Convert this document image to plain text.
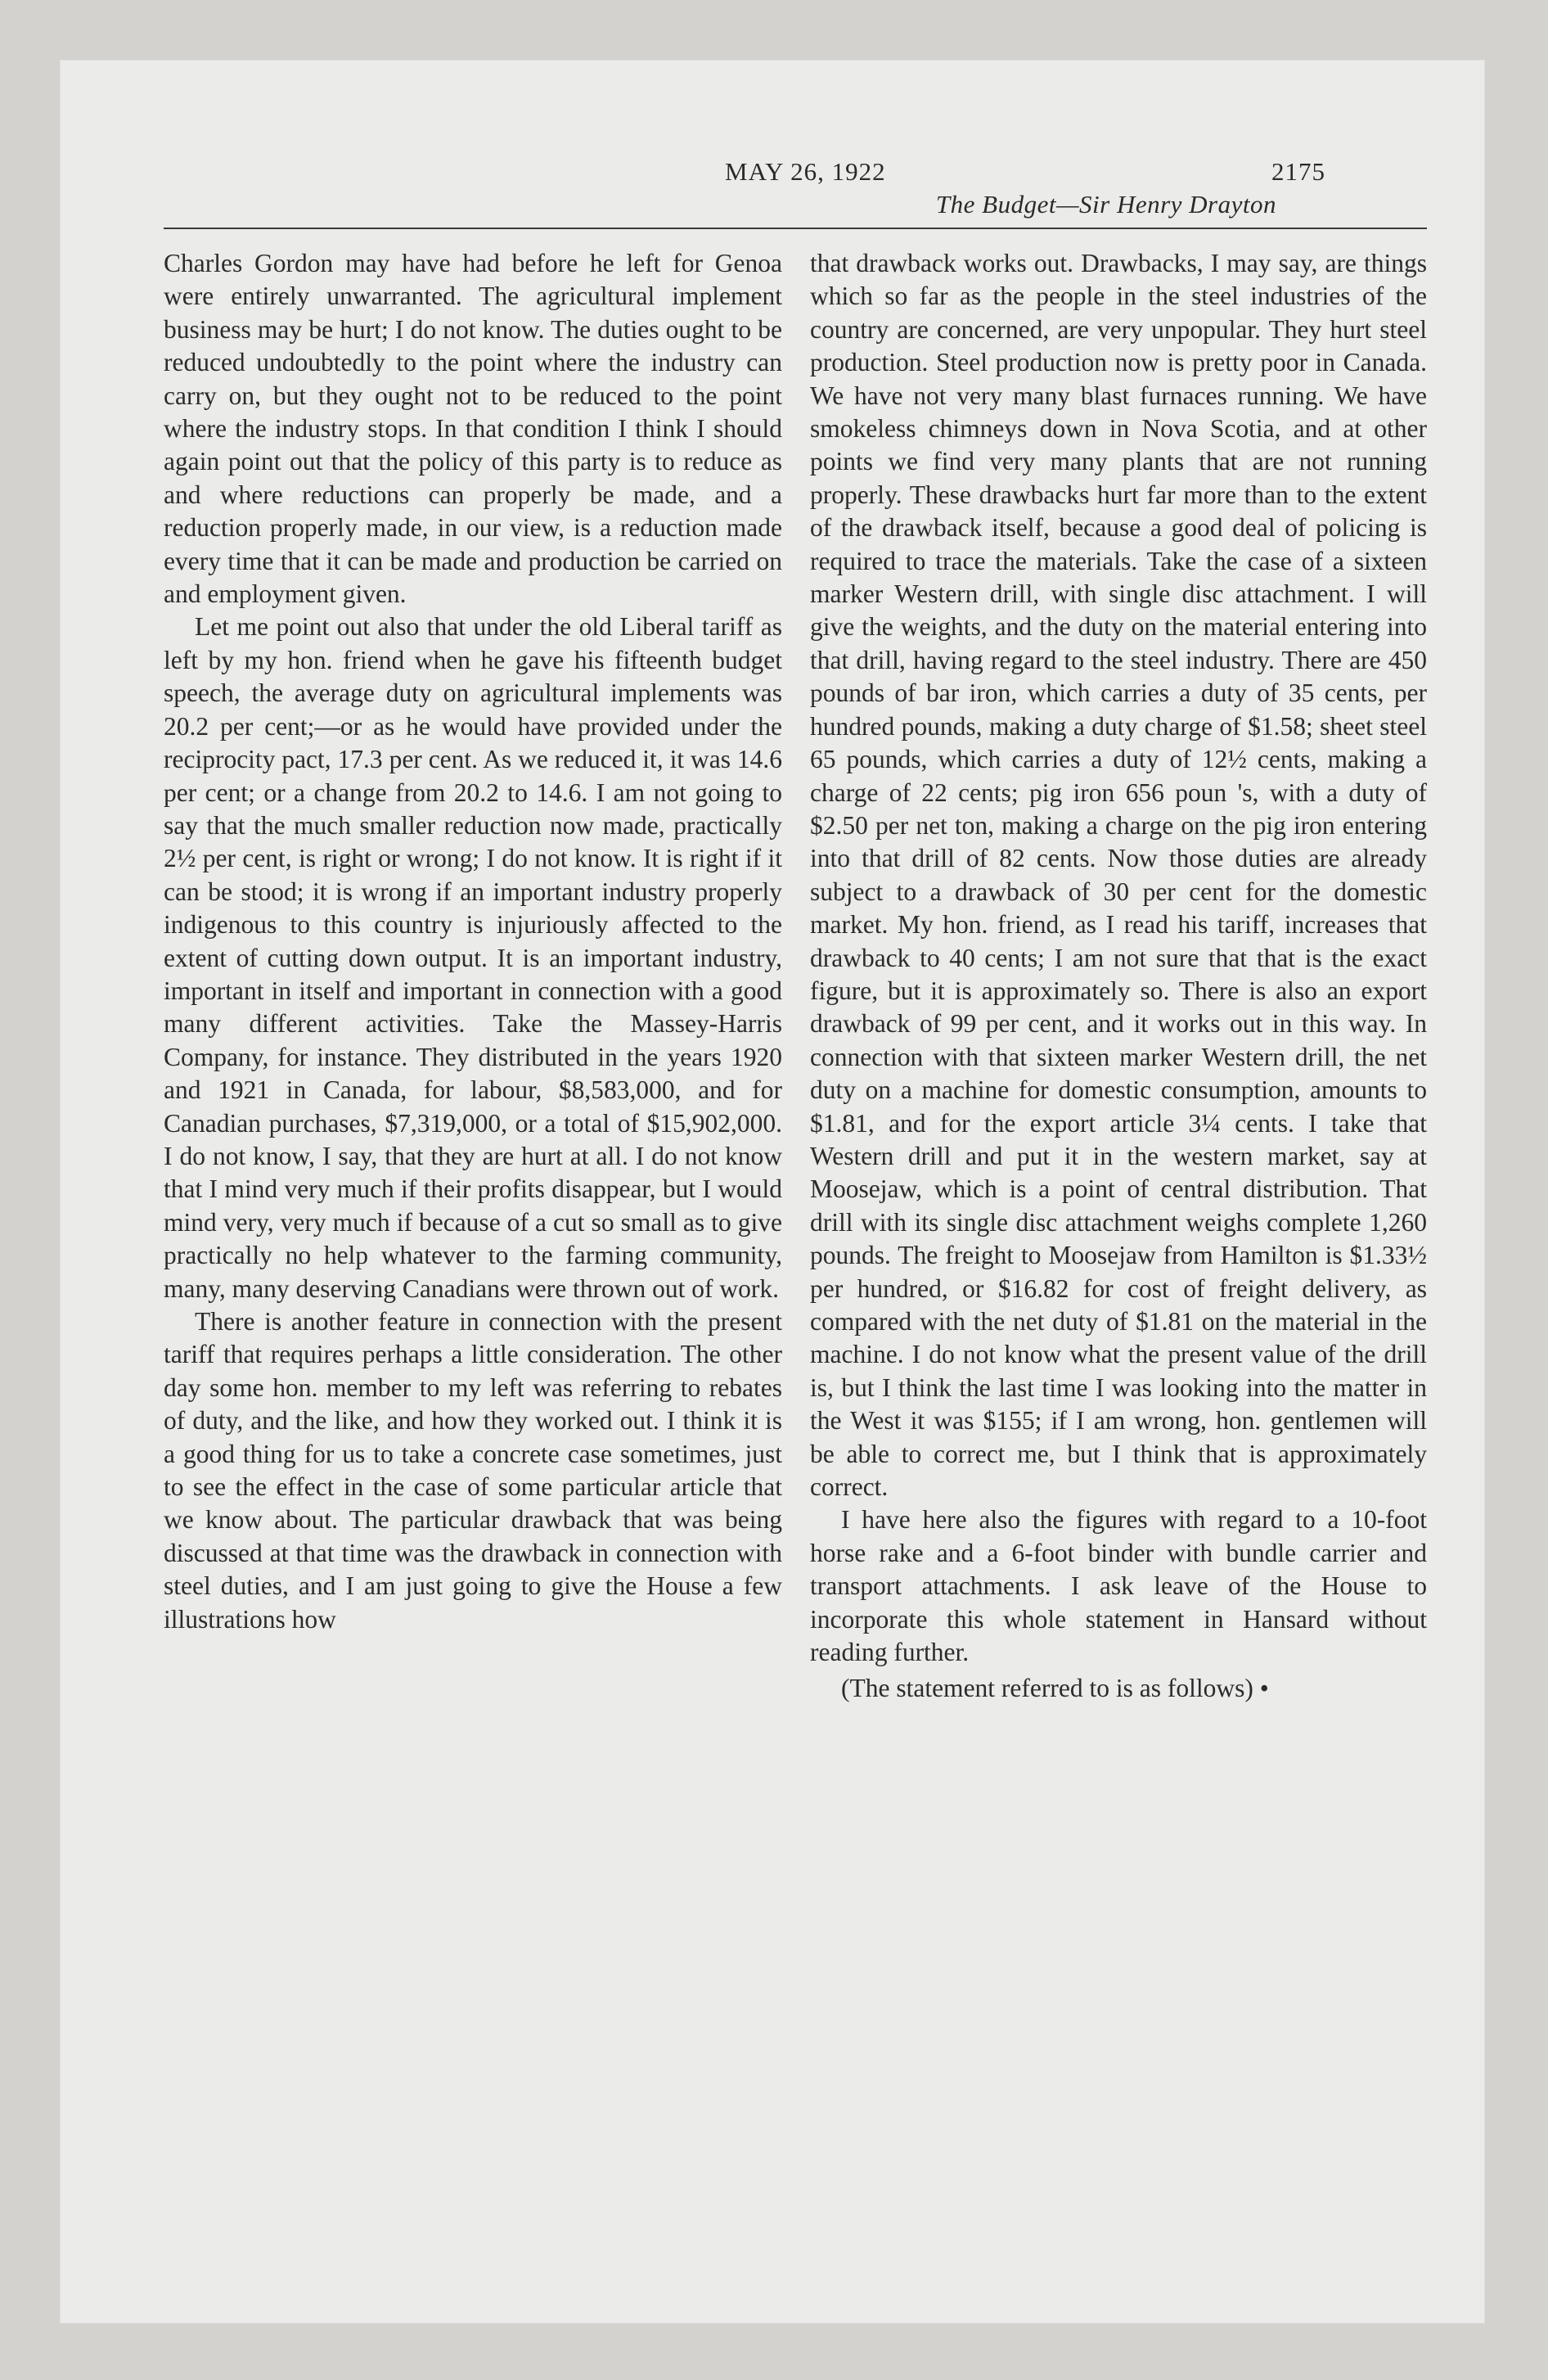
MAY 26, 1922	2175
The Budget—Sir Henry Drayton

Charles Gordon may have had before he left for Genoa were entirely unwarranted. The agricultural implement business may be hurt; I do not know. The duties ought to be reduced undoubtedly to the point where the industry can carry on, but they ought not to be reduced to the point where the industry stops. In that condition I think I should again point out that the policy of this party is to reduce as and where reductions can properly be made, and a reduction properly made, in our view, is a reduction made every time that it can be made and production be carried on and employment given.

Let me point out also that under the old Liberal tariff as left by my hon. friend when he gave his fifteenth budget speech, the average duty on agricultural implements was 20.2 per cent;—or as he would have provided under the reciprocity pact, 17.3 per cent. As we reduced it, it was 14.6 per cent; or a change from 20.2 to 14.6. I am not going to say that the much smaller reduction now made, practically 2½ per cent, is right or wrong; I do not know. It is right if it can be stood; it is wrong if an important industry properly indigenous to this country is injuriously affected to the extent of cutting down output. It is an important industry, important in itself and important in connection with a good many different activities. Take the Massey-Harris Company, for instance. They distributed in the years 1920 and 1921 in Canada, for labour, $8,583,000, and for Canadian purchases, $7,319,000, or a total of $15,902,000. I do not know, I say, that they are hurt at all. I do not know that I mind very much if their profits disappear, but I would mind very, very much if because of a cut so small as to give practically no help whatever to the farming community, many, many deserving Canadians were thrown out of work.

There is another feature in connection with the present tariff that requires perhaps a little consideration. The other day some hon. member to my left was referring to rebates of duty, and the like, and how they worked out. I think it is a good thing for us to take a concrete case sometimes, just to see the effect in the case of some particular article that we know about. The particular drawback that was being discussed at that time was the drawback in connection with steel duties, and I am just going to give the House a few illustrations how

that drawback works out. Drawbacks, I may say, are things which so far as the people in the steel industries of the country are concerned, are very unpopular. They hurt steel production. Steel production now is pretty poor in Canada. We have not very many blast furnaces running. We have smokeless chimneys down in Nova Scotia, and at other points we find very many plants that are not running properly. These drawbacks hurt far more than to the extent of the drawback itself, because a good deal of policing is required to trace the materials. Take the case of a sixteen marker Western drill, with single disc attachment. I will give the weights, and the duty on the material entering into that drill, having regard to the steel industry. There are 450 pounds of bar iron, which carries a duty of 35 cents, per hundred pounds, making a duty charge of $1.58; sheet steel 65 pounds, which carries a duty of 12½ cents, making a charge of 22 cents; pig iron 656 poun 's, with a duty of $2.50 per net ton, making a charge on the pig iron entering into that drill of 82 cents. Now those duties are already subject to a drawback of 30 per cent for the domestic market. My hon. friend, as I read his tariff, increases that drawback to 40 cents; I am not sure that that is the exact figure, but it is approximately so. There is also an export drawback of 99 per cent, and it works out in this way. In connection with that sixteen marker Western drill, the net duty on a machine for domestic consumption, amounts to $1.81, and for the export article 3¼ cents. I take that Western drill and put it in the western market, say at Moosejaw, which is a point of central distribution. That drill with its single disc attachment weighs complete 1,260 pounds. The freight to Moosejaw from Hamilton is $1.33½ per hundred, or $16.82 for cost of freight delivery, as compared with the net duty of $1.81 on the material in the machine. I do not know what the present value of the drill is, but I think the last time I was looking into the matter in the West it was $155; if I am wrong, hon. gentlemen will be able to correct me, but I think that is approximately correct.

I have here also the figures with regard to a 10-foot horse rake and a 6-foot binder with bundle carrier and transport attachments. I ask leave of the House to incorporate this whole statement in Hansard without reading further.

(The statement referred to is as follows) •
